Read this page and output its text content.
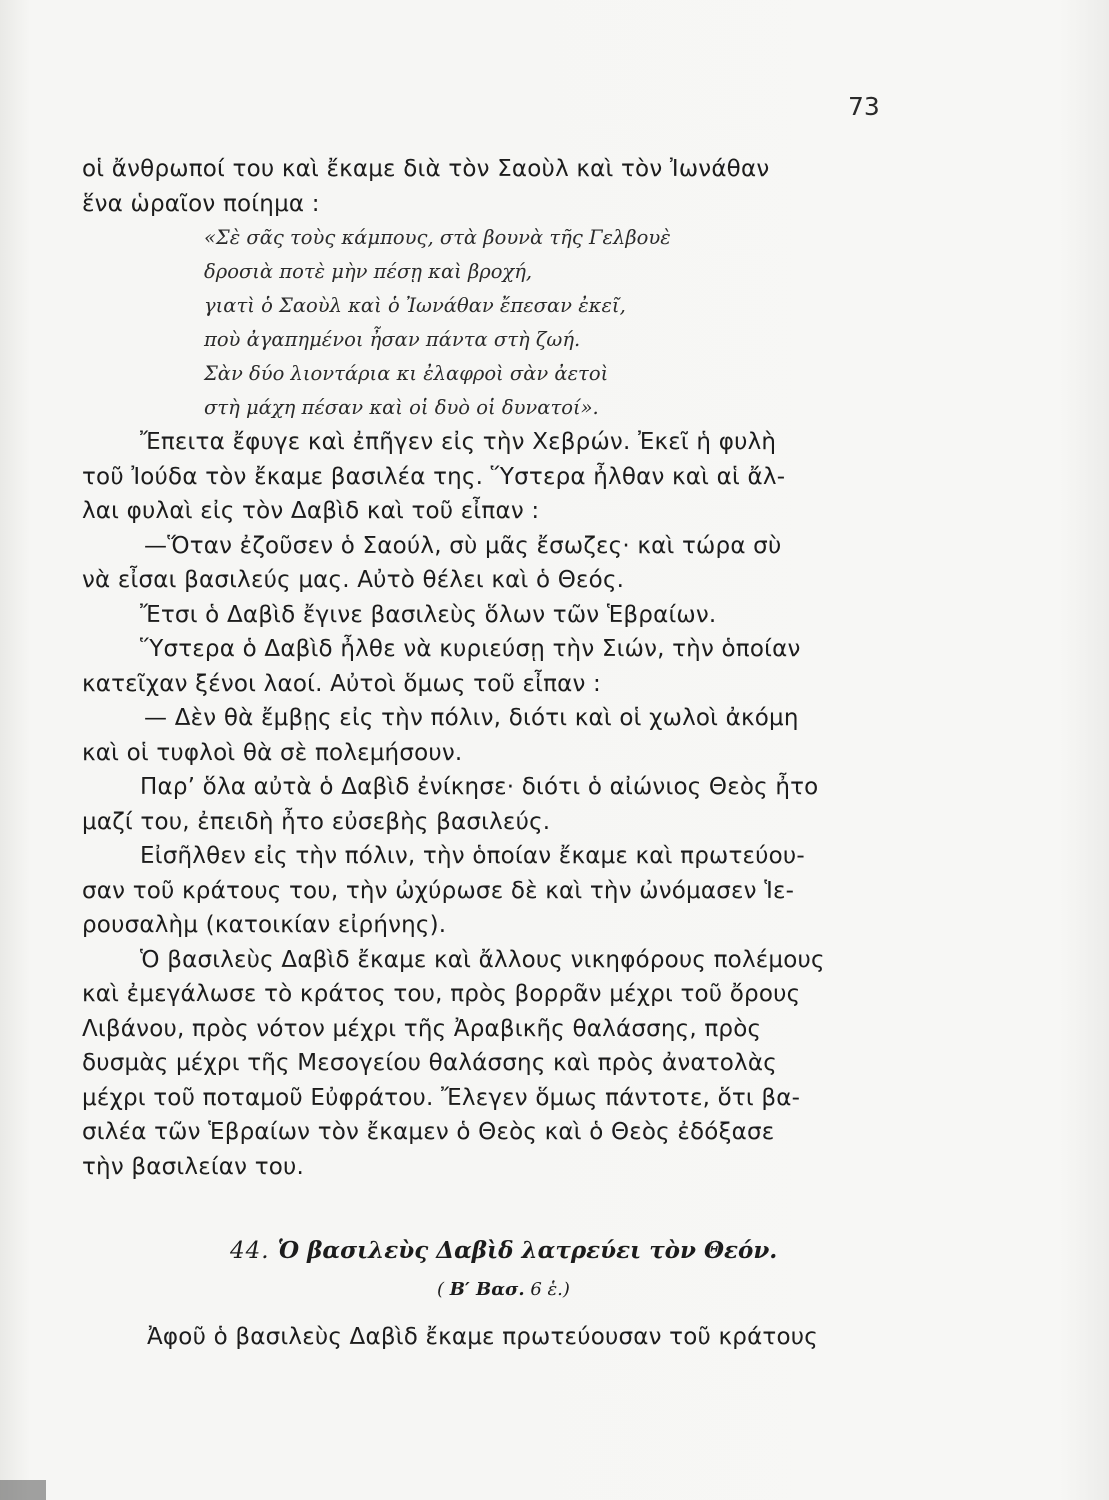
73
οἱ ἄνθρωποί του καὶ ἔκαμε διὰ τὸν Σαοὺλ καὶ τὸν Ἰωνάθαν
ἕνα ὡραῖον ποίημα :
«Σὲ σᾶς τοὺς κάμπους, στὰ βουνὰ τῆς Γελβουὲ
δροσιὰ ποτὲ μὴν πέσῃ καὶ βροχή,
γιατὶ ὁ Σαοὺλ καὶ ὁ Ἰωνάθαν ἔπεσαν ἐκεῖ,
ποὺ ἀγαπημένοι ἦσαν πάντα στὴ ζωή.
Σὰν δύο λιοντάρια κι ἐλαφροὶ σὰν ἀετοὶ
στὴ μάχη πέσαν καὶ οἱ δυὸ οἱ δυνατοί».
Ἔπειτα ἔφυγε καὶ ἐπῆγεν εἰς τὴν Χεβρών. Ἐκεῖ ἡ φυλὴ
τοῦ Ἰούδα τὸν ἔκαμε βασιλέα της. Ὕστερα ἦλθαν καὶ αἱ ἄλ-
λαι φυλαὶ εἰς τὸν Δαβὶδ καὶ τοῦ εἶπαν :
—Ὅταν ἐζοῦσεν ὁ Σαούλ, σὺ μᾶς ἔσωζες· καὶ τώρα σὺ
νὰ εἶσαι βασιλεύς μας. Αὐτὸ θέλει καὶ ὁ Θεός.
Ἔτσι ὁ Δαβὶδ ἔγινε βασιλεὺς ὅλων τῶν Ἑβραίων.
Ὕστερα ὁ Δαβὶδ ἦλθε νὰ κυριεύσῃ τὴν Σιών, τὴν ὁποίαν
κατεῖχαν ξένοι λαοί. Αὐτοὶ ὅμως τοῦ εἶπαν :
— Δὲν θὰ ἔμβῃς εἰς τὴν πόλιν, διότι καὶ οἱ χωλοὶ ἀκόμη
καὶ οἱ τυφλοὶ θὰ σὲ πολεμήσουν.
Παρ’ ὅλα αὐτὰ ὁ Δαβὶδ ἐνίκησε· διότι ὁ αἰώνιος Θεὸς ἦτο
μαζί του, ἐπειδὴ ἦτο εὐσεβὴς βασιλεύς.
Εἰσῆλθεν εἰς τὴν πόλιν, τὴν ὁποίαν ἔκαμε καὶ πρωτεύου-
σαν τοῦ κράτους του, τὴν ὠχύρωσε δὲ καὶ τὴν ὠνόμασεν Ἱε-
ρουσαλὴμ (κατοικίαν εἰρήνης).
Ὁ βασιλεὺς Δαβὶδ ἔκαμε καὶ ἄλλους νικηφόρους πολέμους
καὶ ἐμεγάλωσε τὸ κράτος του, πρὸς βορρᾶν μέχρι τοῦ ὄρους
Λιβάνου, πρὸς νότον μέχρι τῆς Ἀραβικῆς θαλάσσης, πρὸς
δυσμὰς μέχρι τῆς Μεσογείου θαλάσσης καὶ πρὸς ἀνατολὰς
μέχρι τοῦ ποταμοῦ Εὐφράτου. Ἔλεγεν ὅμως πάντοτε, ὅτι βα-
σιλέα τῶν Ἑβραίων τὸν ἔκαμεν ὁ Θεὸς καὶ ὁ Θεὸς ἐδόξασε
τὴν βασιλείαν του.
44. Ὁ βασιλεὺς Δαβὶδ λατρεύει τὸν Θεόν.
( Β′ Βασ. 6 ἑ.)
Ἀφοῦ ὁ βασιλεὺς Δαβὶδ ἔκαμε πρωτεύουσαν τοῦ κράτους
